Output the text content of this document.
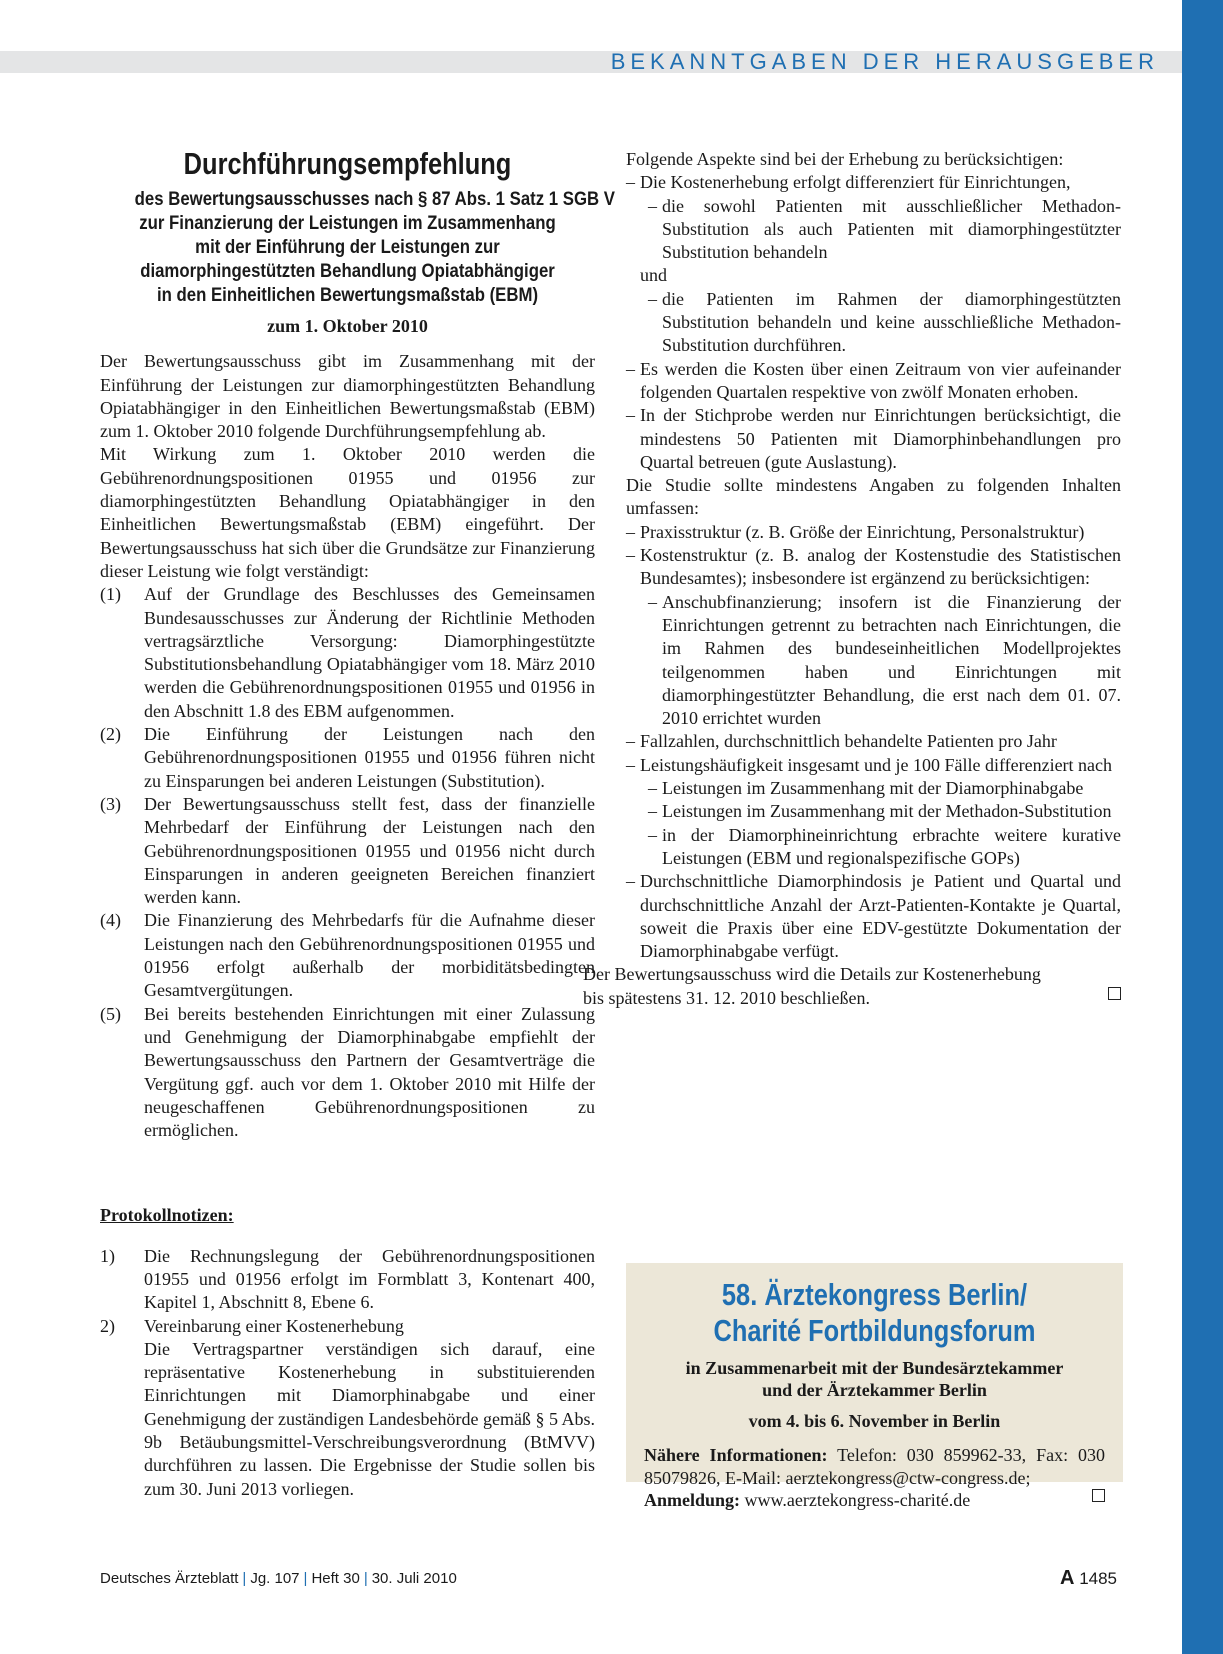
BEKANNTGABEN DER HERAUSGEBER
Durchführungsempfehlung
des Bewertungsausschusses nach § 87 Abs. 1 Satz 1 SGB V
zur Finanzierung der Leistungen im Zusammenhang
mit der Einführung der Leistungen zur
diamorphingestützten Behandlung Opiatabhängiger
in den Einheitlichen Bewertungsmaßstab (EBM)
zum 1. Oktober 2010

Der Bewertungsausschuss gibt im Zusammenhang mit der Einführung der Leistungen zur diamorphingestützten Behandlung Opiatabhängiger in den Einheitlichen Bewertungsmaßstab (EBM) zum 1. Oktober 2010 folgende Durchführungsempfehlung ab.

Mit Wirkung zum 1. Oktober 2010 werden die Gebührenordnungspositionen 01955 und 01956 zur diamorphingestützten Behandlung Opiatabhängiger in den Einheitlichen Bewertungsmaßstab (EBM) eingeführt. Der Bewertungsausschuss hat sich über die Grundsätze zur Finanzierung dieser Leistung wie folgt verständigt:

(1)	Auf der Grundlage des Beschlusses des Gemeinsamen Bundesausschusses zur Änderung der Richtlinie Methoden vertragsärztliche Versorgung: Diamorphingestützte Substitutionsbehandlung Opiatabhängiger vom 18. März 2010 werden die Gebührenordnungspositionen 01955 und 01956 in den Abschnitt 1.8 des EBM aufgenommen.
(2)	Die Einführung der Leistungen nach den Gebührenordnungspositionen 01955 und 01956 führen nicht zu Einsparungen bei anderen Leistungen (Substitution).
(3)	Der Bewertungsausschuss stellt fest, dass der finanzielle Mehrbedarf der Einführung der Leistungen nach den Gebührenordnungspositionen 01955 und 01956 nicht durch Einsparungen in anderen geeigneten Bereichen finanziert werden kann.
(4)	Die Finanzierung des Mehrbedarfs für die Aufnahme dieser Leistungen nach den Gebührenordnungspositionen 01955 und 01956 erfolgt außerhalb der morbiditätsbedingten Gesamtvergütungen.
(5)	Bei bereits bestehenden Einrichtungen mit einer Zulassung und Genehmigung der Diamorphinabgabe empfiehlt der Bewertungsausschuss den Partnern der Gesamtverträge die Vergütung ggf. auch vor dem 1. Oktober 2010 mit Hilfe der neugeschaffenen Gebührenordnungspositionen zu ermöglichen.
Protokollnotizen:
1)	Die Rechnungslegung der Gebührenordnungspositionen 01955 und 01956 erfolgt im Formblatt 3, Kontenart 400, Kapitel 1, Abschnitt 8, Ebene 6.
2)	Vereinbarung einer Kostenerhebung
Die Vertragspartner verständigen sich darauf, eine repräsentative Kostenerhebung in substituierenden Einrichtungen mit Diamorphinabgabe und einer Genehmigung der zuständigen Landesbehörde gemäß § 5 Abs. 9b Betäubungsmittel-Verschreibungsverordnung (BtMVV) durchführen zu lassen. Die Ergebnisse der Studie sollen bis zum 30. Juni 2013 vorliegen.

Folgende Aspekte sind bei der Erhebung zu berücksichtigen:

– Die Kostenerhebung erfolgt differenziert für Einrichtungen,
– die sowohl Patienten mit ausschließlicher Methadon-Substitution als auch Patienten mit diamorphingestützter Substitution behandeln
und
– die Patienten im Rahmen der diamorphingestützten Substitution behandeln und keine ausschließliche Methadon-Substitution durchführen.
– Es werden die Kosten über einen Zeitraum von vier aufeinander folgenden Quartalen respektive von zwölf Monaten erhoben.
– In der Stichprobe werden nur Einrichtungen berücksichtigt, die mindestens 50 Patienten mit Diamorphinbehandlungen pro Quartal betreuen (gute Auslastung).

Die Studie sollte mindestens Angaben zu folgenden Inhalten umfassen:

– Praxisstruktur (z. B. Größe der Einrichtung, Personalstruktur)
– Kostenstruktur (z. B. analog der Kostenstudie des Statistischen Bundesamtes); insbesondere ist ergänzend zu berücksichtigen:
– Anschubfinanzierung; insofern ist die Finanzierung der Einrichtungen getrennt zu betrachten nach Einrichtungen, die im Rahmen des bundeseinheitlichen Modellprojektes teilgenommen haben und Einrichtungen mit diamorphingestützter Behandlung, die erst nach dem 01. 07. 2010 errichtet wurden
– Fallzahlen, durchschnittlich behandelte Patienten pro Jahr
– Leistungshäufigkeit insgesamt und je 100 Fälle differenziert nach
– Leistungen im Zusammenhang mit der Diamorphinabgabe
– Leistungen im Zusammenhang mit der Methadon-Substitution
– in der Diamorphineinrichtung erbrachte weitere kurative Leistungen (EBM und regionalspezifische GOPs)
– Durchschnittliche Diamorphindosis je Patient und Quartal und durchschnittliche Anzahl der Arzt-Patienten-Kontakte je Quartal, soweit die Praxis über eine EDV-gestützte Dokumentation der Diamorphinabgabe verfügt.
Der Bewertungsausschuss wird die Details zur Kostenerhebung
bis spätestens 31. 12. 2010 beschließen.
58. Ärztekongress Berlin/
Charité Fortbildungsforum
in Zusammenarbeit mit der Bundesärztekammer
und der Ärztekammer Berlin
vom 4. bis 6. November in Berlin
Nähere Informationen: Telefon: 030 859962-33, Fax: 030 85079826, E-Mail: aerztekongress@ctw-congress.de;
Anmeldung: www.aerztekongress-charité.de
Deutsches Ärzteblatt | Jg. 107 | Heft 30 | 30. Juli 2010	A 1485
